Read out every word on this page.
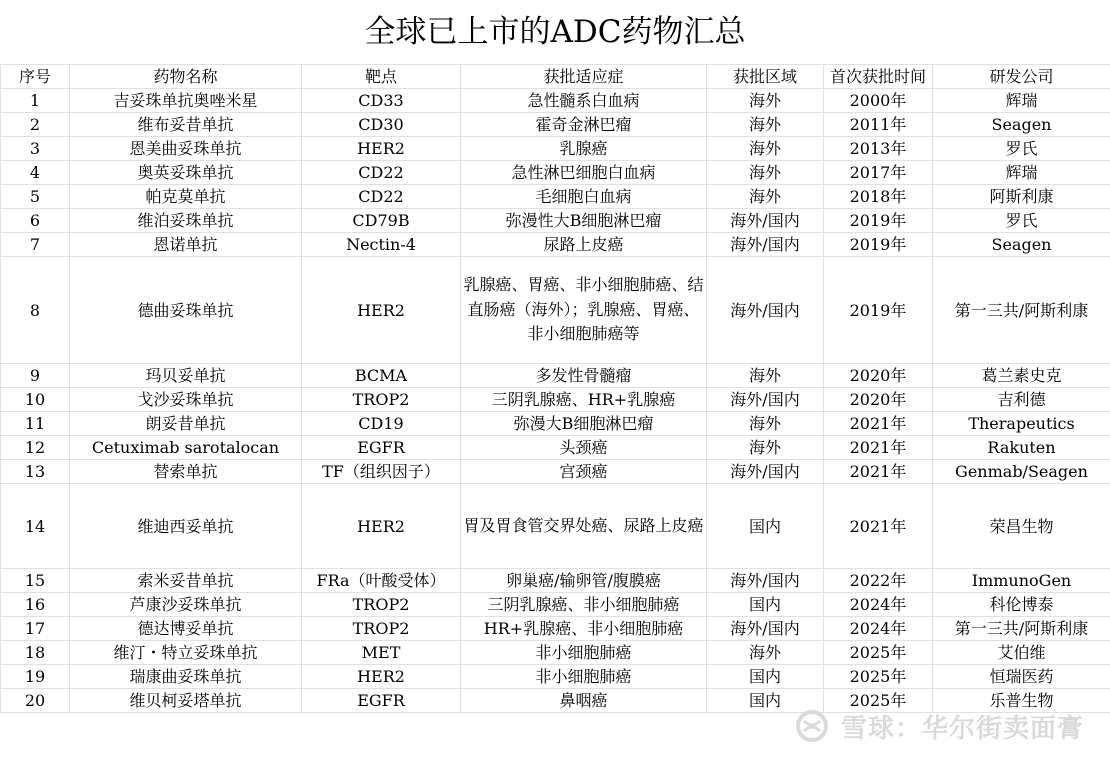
全球已上市的ADC药物汇总
序号	药物名称	靶点	获批适应症	获批区域	首次获批时间	研发公司
1	吉妥珠单抗奥唑米星	CD33	急性髓系白血病	海外	2000年	辉瑞
2	维布妥昔单抗	CD30	霍奇金淋巴瘤	海外	2011年	Seagen
3	恩美曲妥珠单抗	HER2	乳腺癌	海外	2013年	罗氏
4	奥英妥珠单抗	CD22	急性淋巴细胞白血病	海外	2017年	辉瑞
5	帕克莫单抗	CD22	毛细胞白血病	海外	2018年	阿斯利康
6	维泊妥珠单抗	CD79B	弥漫性大B细胞淋巴瘤	海外/国内	2019年	罗氏
7	恩诺单抗	Nectin-4	尿路上皮癌	海外/国内	2019年	Seagen
8	德曲妥珠单抗	HER2	乳腺癌、胃癌、非小细胞肺癌、结直肠癌（海外）；乳腺癌、胃癌、非小细胞肺癌等	海外/国内	2019年	第一三共/阿斯利康
9	玛贝妥单抗	BCMA	多发性骨髓瘤	海外	2020年	葛兰素史克
10	戈沙妥珠单抗	TROP2	三阴乳腺癌、HR+乳腺癌	海外/国内	2020年	吉利德
11	朗妥昔单抗	CD19	弥漫大B细胞淋巴瘤	海外	2021年	Therapeutics
12	Cetuximab sarotalocan	EGFR	头颈癌	海外	2021年	Rakuten
13	替索单抗	TF（组织因子）	宫颈癌	海外/国内	2021年	Genmab/Seagen
14	维迪西妥单抗	HER2	胃及胃食管交界处癌、尿路上皮癌	国内	2021年	荣昌生物
15	索米妥昔单抗	FRa（叶酸受体）	卵巢癌/输卵管/腹膜癌	海外/国内	2022年	ImmunoGen
16	芦康沙妥珠单抗	TROP2	三阴乳腺癌、非小细胞肺癌	国内	2024年	科伦博泰
17	德达博妥单抗	TROP2	HR+乳腺癌、非小细胞肺癌	海外/国内	2024年	第一三共/阿斯利康
18	维汀・特立妥珠单抗	MET	非小细胞肺癌	海外	2025年	艾伯维
19	瑞康曲妥珠单抗	HER2	非小细胞肺癌	国内	2025年	恒瑞医药
20	维贝柯妥塔单抗	EGFR	鼻咽癌	国内	2025年	乐普生物
雪球：华尔街卖面膏
